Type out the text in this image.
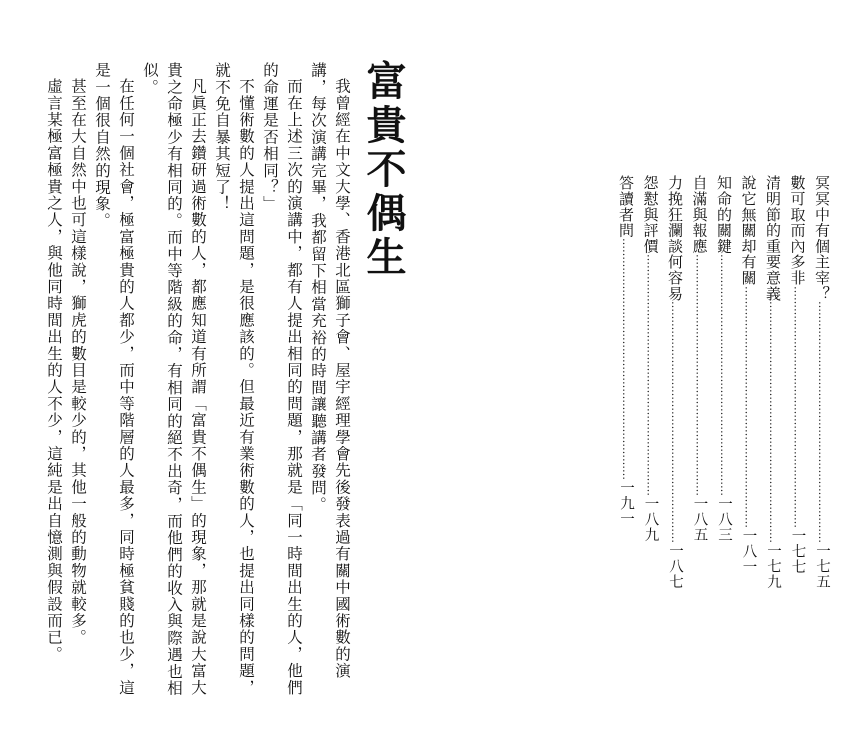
富貴不偶生

我曾經在中文大學、香港北區獅子會、屋宇經理學會先後發表過有關中國術數的演講，每次演講完畢，我都留下相當充裕的時間讓聽講者發問。

而在上述三次的演講中，都有人提出相同的問題，那就是「同一時間出生的人，他們的命運是否相同？」

不懂術數的人提出這問題，是很應該的。但最近有業術數的人，也提出同樣的問題，就不免自暴其短了！

凡眞正去鑽研過術數的人，都應知道有所謂「富貴不偶生」的現象，那就是說大富大貴之命極少有相同的。而中等階級的命，有相同的絕不出奇，而他們的收入與際遇也相似。

在任何一個社會，極富極貴的人都少，而中等階層的人最多，同時極貧賤的也少，這是一個很自然的現象。

甚至在大自然中也可這樣說，獅虎的數目是較少的，其他一般的動物就較多。

虛言某極富極貴之人，與他同時間出生的人不少，這純是出自憶測與假設而已。	冥冥中有個主宰？
…………………………………………………………
一七五
數可取而內多非
…………………………………………………………
一七七
清明節的重要意義
…………………………………………………………
一七九
說它無關却有關
…………………………………………………………
一八一
知命的關鍵
…………………………………………………………
一八三
自滿與報應
…………………………………………………………
一八五
力挽狂瀾談何容易
…………………………………………………………
一八七
怨懟與評價
…………………………………………………………
一八九
答讀者問
…………………………………………………………
一九一
